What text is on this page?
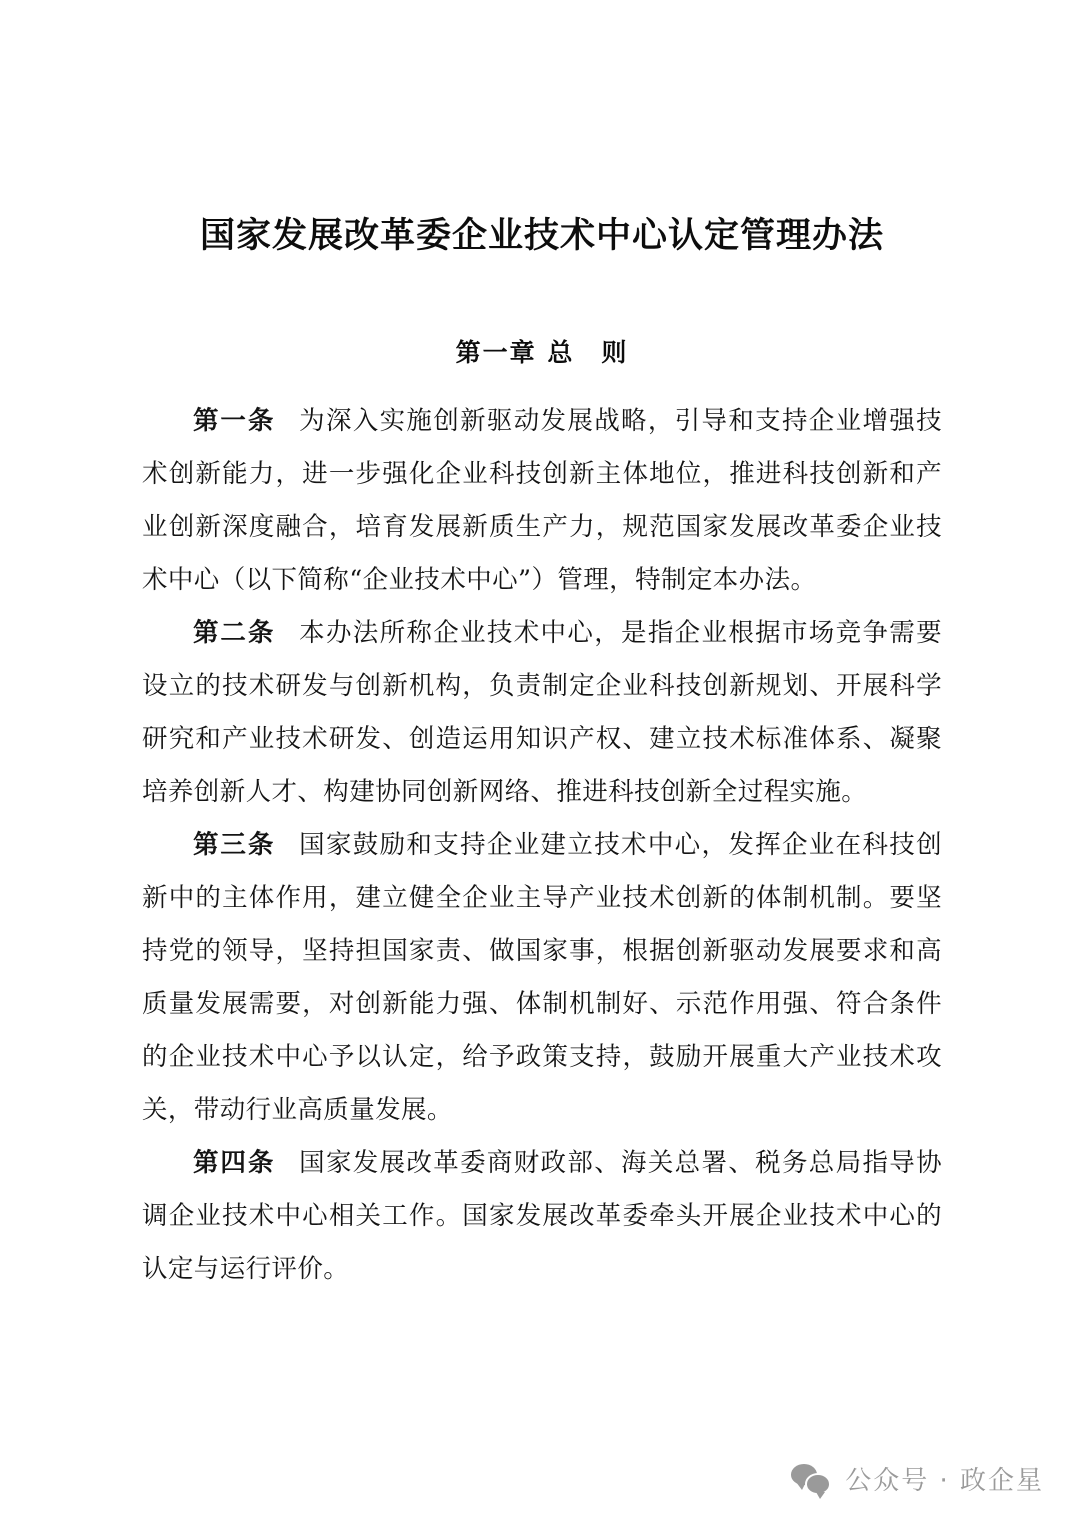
国家发展改革委企业技术中心认定管理办法
第一章 总　则

第一条 为深入实施创新驱动发展战略，引导和支持企业增强技术创新能力，进一步强化企业科技创新主体地位，推进科技创新和产业创新深度融合，培育发展新质生产力，规范国家发展改革委企业技术中心（以下简称“企业技术中心”）管理，特制定本办法。

第二条 本办法所称企业技术中心，是指企业根据市场竞争需要设立的技术研发与创新机构，负责制定企业科技创新规划、开展科学研究和产业技术研发、创造运用知识产权、建立技术标准体系、凝聚培养创新人才、构建协同创新网络、推进科技创新全过程实施。

第三条 国家鼓励和支持企业建立技术中心，发挥企业在科技创新中的主体作用，建立健全企业主导产业技术创新的体制机制。要坚持党的领导，坚持担国家责、做国家事，根据创新驱动发展要求和高质量发展需要，对创新能力强、体制机制好、示范作用强、符合条件的企业技术中心予以认定，给予政策支持，鼓励开展重大产业技术攻关，带动行业高质量发展。

第四条 国家发展改革委商财政部、海关总署、税务总局指导协调企业技术中心相关工作。国家发展改革委牵头开展企业技术中心的认定与运行评价。

公众号 · 政企星
